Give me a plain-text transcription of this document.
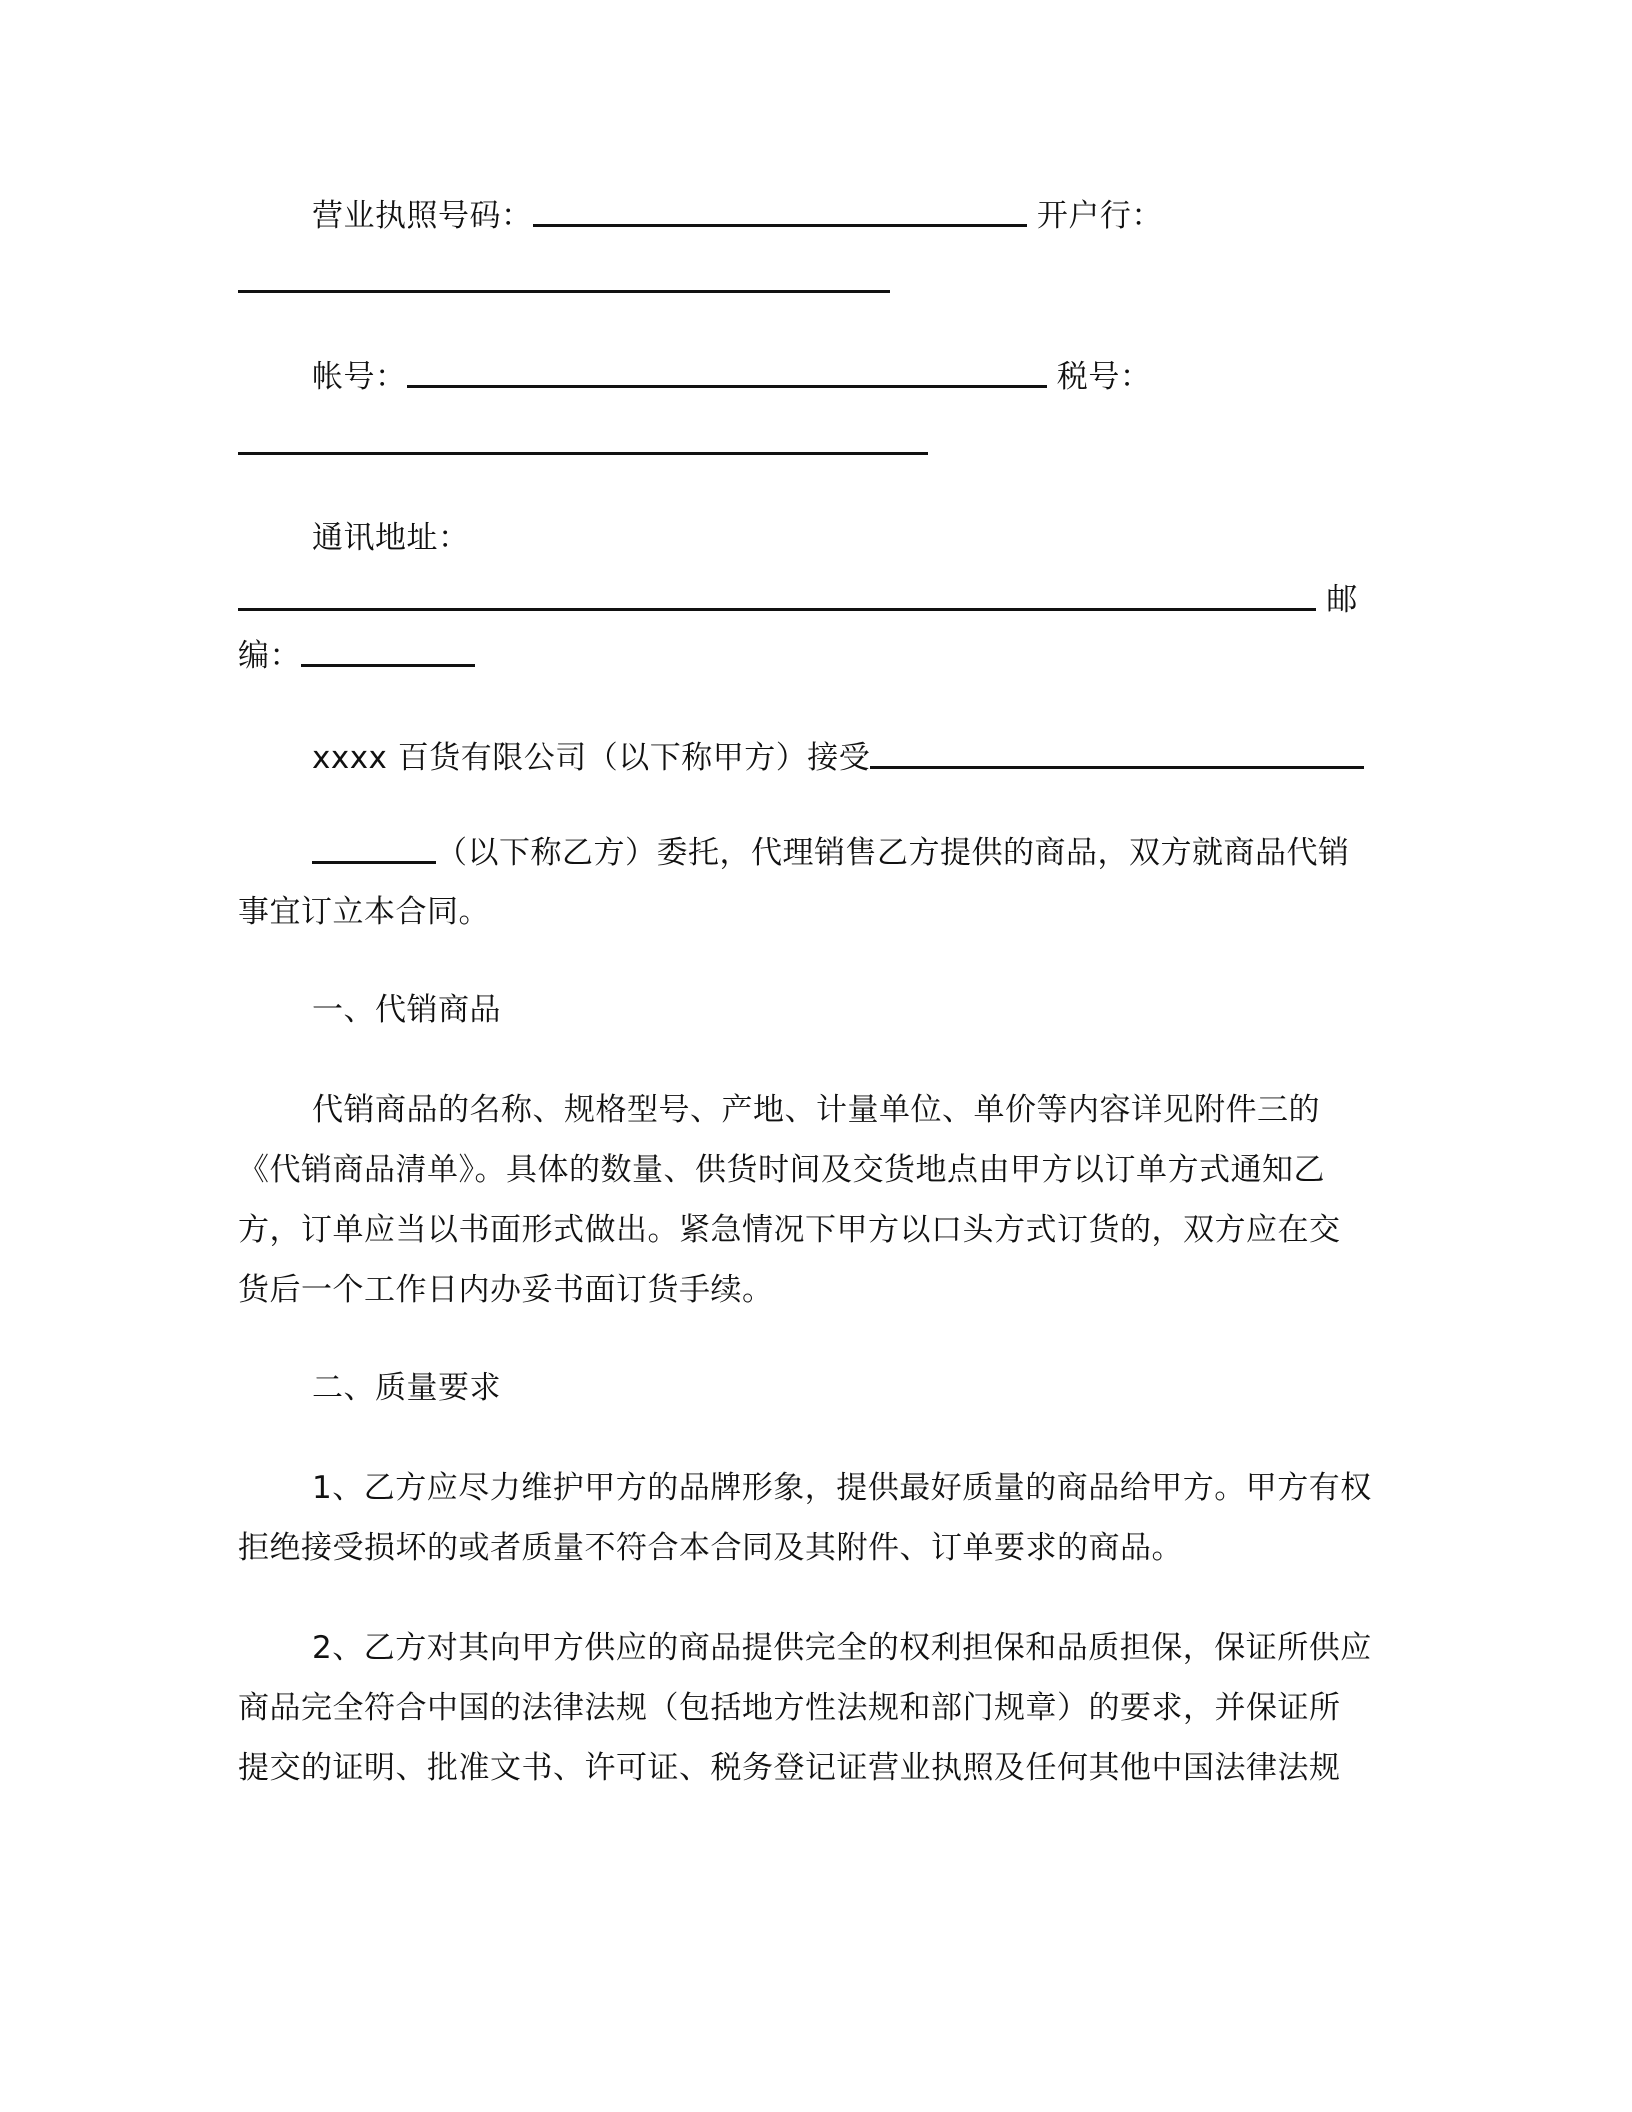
营业执照号码：	开户行：
帐号：	税号：
通讯地址：
邮
编：
xxxx 百货有限公司（以下称甲方）接受
（以下称乙方）委托，代理销售乙方提供的商品，双方就商品代销
事宜订立本合同。
一、代销商品
代销商品的名称、规格型号、产地、计量单位、单价等内容详见附件三的
《代销商品清单》。具体的数量、供货时间及交货地点由甲方以订单方式通知乙
方，订单应当以书面形式做出。紧急情况下甲方以口头方式订货的，双方应在交
货后一个工作日内办妥书面订货手续。
二、质量要求
1、乙方应尽力维护甲方的品牌形象，提供最好质量的商品给甲方。甲方有权
拒绝接受损坏的或者质量不符合本合同及其附件、订单要求的商品。
2、乙方对其向甲方供应的商品提供完全的权利担保和品质担保，保证所供应
商品完全符合中国的法律法规（包括地方性法规和部门规章）的要求，并保证所
提交的证明、批准文书、许可证、税务登记证营业执照及任何其他中国法律法规
